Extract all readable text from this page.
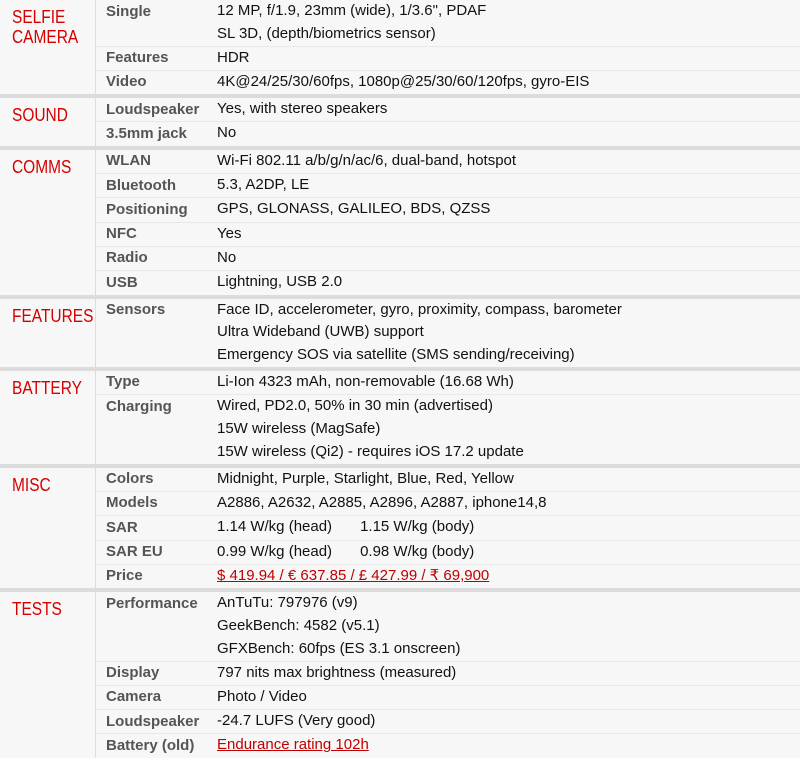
SELFIE
CAMERA
Single	12 MP, f/1.9, 23mm (wide), 1/3.6", PDAF
SL 3D, (depth/biometrics sensor)
Features	HDR
Video	4K@24/25/30/60fps, 1080p@25/30/60/120fps, gyro-EIS
SOUND	Loudspeaker	Yes, with stereo speakers
3.5mm jack	No
COMMS	WLAN	Wi-Fi 802.11 a/b/g/n/ac/6, dual-band, hotspot
Bluetooth	5.3, A2DP, LE
Positioning	GPS, GLONASS, GALILEO, BDS, QZSS
NFC	Yes
Radio	No
USB	Lightning, USB 2.0
FEATURES Sensors	Face ID, accelerometer, gyro, proximity, compass, barometer
Ultra Wideband (UWB) support
Emergency SOS via satellite (SMS sending/receiving)
BATTERY	Type	Li-Ion 4323 mAh, non-removable (16.68 Wh)
Charging	Wired, PD2.0, 50% in 30 min (advertised)
15W wireless (MagSafe)
15W wireless (Qi2) - requires iOS 17.2 update
MISC	Colors	Midnight, Purple, Starlight, Blue, Red, Yellow
Models	A2886, A2632, A2885, A2896, A2887, iphone14,8
SAR	1.14 W/kg (head) 1.15 W/kg (body)
SAR EU	0.99 W/kg (head) 0.98 W/kg (body)
Price	$ 419.94 / € 637.85 / £ 427.99 / ₹ 69,900
TESTS	Performance	AnTuTu: 797976 (v9)
GeekBench: 4582 (v5.1)
GFXBench: 60fps (ES 3.1 onscreen)
Display	797 nits max brightness (measured)
Camera	Photo / Video
Loudspeaker	-24.7 LUFS (Very good)
Battery (old)	Endurance rating 102h
